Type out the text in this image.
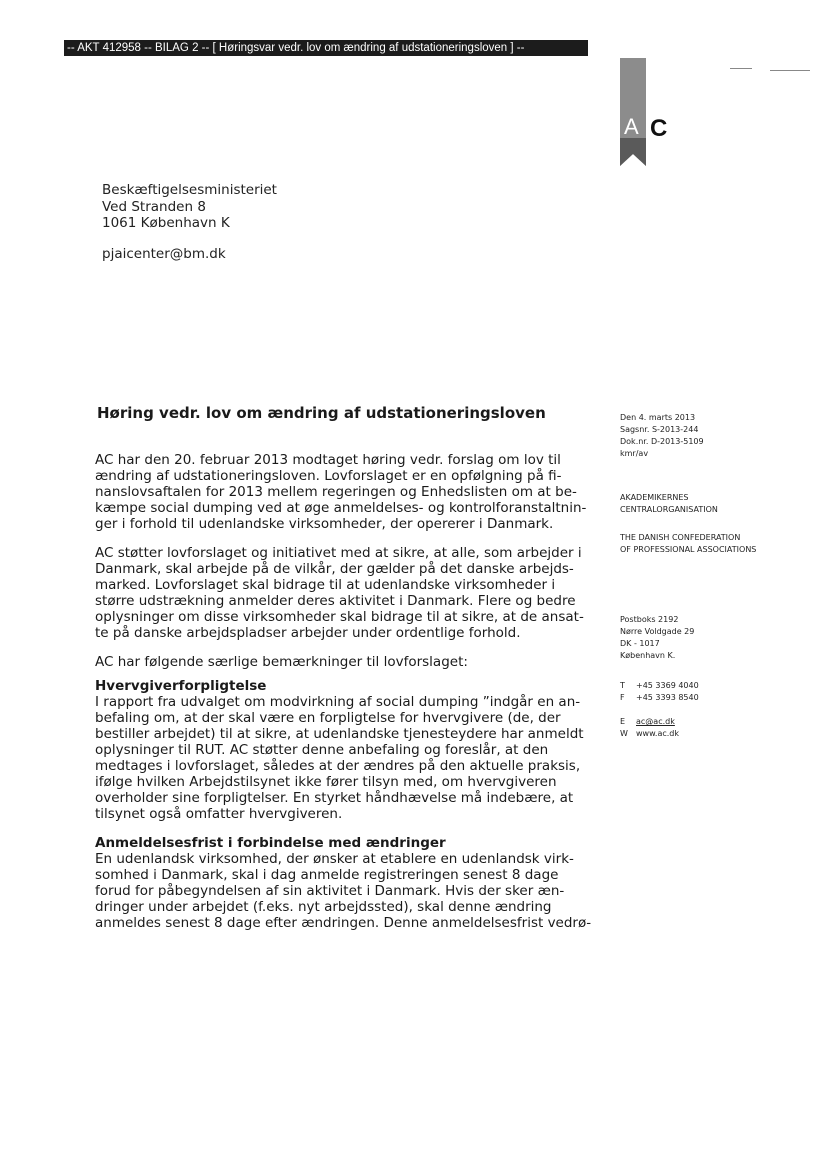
-- AKT 412958 -- BILAG 2 -- [ Høringsvar vedr. lov om ændring af udstationeringsloven ] --
A C
Beskæftigelsesministeriet
Ved Stranden 8
1061 København K
pjaicenter@bm.dk
Høring vedr. lov om ændring af udstationeringsloven
AC har den 20. februar 2013 modtaget høring vedr. forslag om lov til
ændring af udstationeringsloven. Lovforslaget er en opfølgning på fi-
nanslovsaftalen for 2013 mellem regeringen og Enhedslisten om at be-
kæmpe social dumping ved at øge anmeldelses- og kontrolforanstaltnin-
ger i forhold til udenlandske virksomheder, der opererer i Danmark.
AC støtter lovforslaget og initiativet med at sikre, at alle, som arbejder i
Danmark, skal arbejde på de vilkår, der gælder på det danske arbejds-
marked. Lovforslaget skal bidrage til at udenlandske virksomheder i
større udstrækning anmelder deres aktivitet i Danmark. Flere og bedre
oplysninger om disse virksomheder skal bidrage til at sikre, at de ansat-
te på danske arbejdspladser arbejder under ordentlige forhold.
AC har følgende særlige bemærkninger til lovforslaget:
Hvervgiverforpligtelse
I rapport fra udvalget om modvirkning af social dumping ”indgår en an-
befaling om, at der skal være en forpligtelse for hvervgivere (de, der
bestiller arbejdet) til at sikre, at udenlandske tjenesteydere har anmeldt
oplysninger til RUT. AC støtter denne anbefaling og foreslår, at den
medtages i lovforslaget, således at der ændres på den aktuelle praksis,
ifølge hvilken Arbejdstilsynet ikke fører tilsyn med, om hvervgiveren
overholder sine forpligtelser. En styrket håndhævelse må indebære, at
tilsynet også omfatter hvervgiveren.
Anmeldelsesfrist i forbindelse med ændringer
En udenlandsk virksomhed, der ønsker at etablere en udenlandsk virk-
somhed i Danmark, skal i dag anmelde registreringen senest 8 dage
forud for påbegyndelsen af sin aktivitet i Danmark. Hvis der sker æn-
dringer under arbejdet (f.eks. nyt arbejdssted), skal denne ændring
anmeldes senest 8 dage efter ændringen. Denne anmeldelsesfrist vedrø-
Den 4. marts 2013
Sagsnr. S-2013-244
Dok.nr. D-2013-5109
kmr/av
AKADEMIKERNES
CENTRALORGANISATION
THE DANISH CONFEDERATION
OF PROFESSIONAL ASSOCIATIONS
Postboks 2192
Nørre Voldgade 29
DK - 1017
København K.
T	+45 3369 4040
F	+45 3393 8540
E	ac@ac.dk
W	www.ac.dk
